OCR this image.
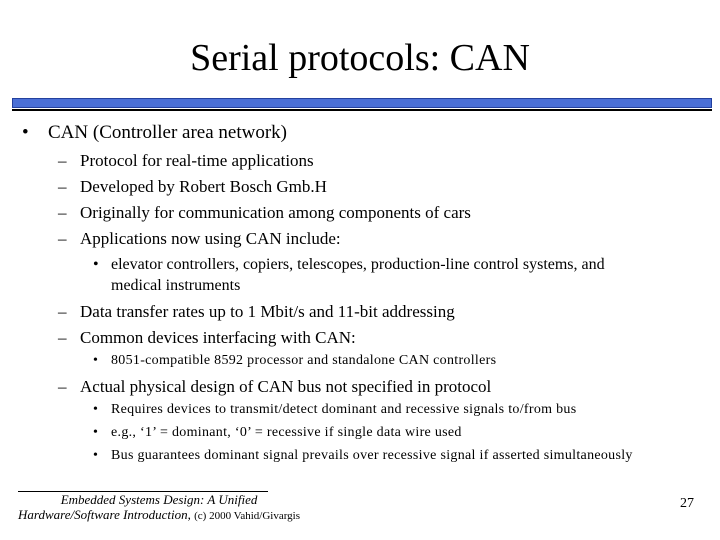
Serial protocols: CAN
• CAN (Controller area network)
– Protocol for real-time applications
– Developed by Robert Bosch Gmb.H
– Originally for communication among components of cars
– Applications now using CAN include:
• elevator controllers, copiers, telescopes, production-line control systems, and
medical instruments
– Data transfer rates up to 1 Mbit/s and 11-bit addressing
– Common devices interfacing with CAN:
• 8051-compatible 8592 processor and standalone CAN controllers
– Actual physical design of CAN bus not specified in protocol
• Requires devices to transmit/detect dominant and recessive signals to/from bus
• e.g., ‘1’ = dominant, ‘0’ = recessive if single data wire used
• Bus guarantees dominant signal prevails over recessive signal if asserted simultaneously
Embedded Systems Design: A Unified
Hardware/Software Introduction, (c) 2000 Vahid/Givargis
27
